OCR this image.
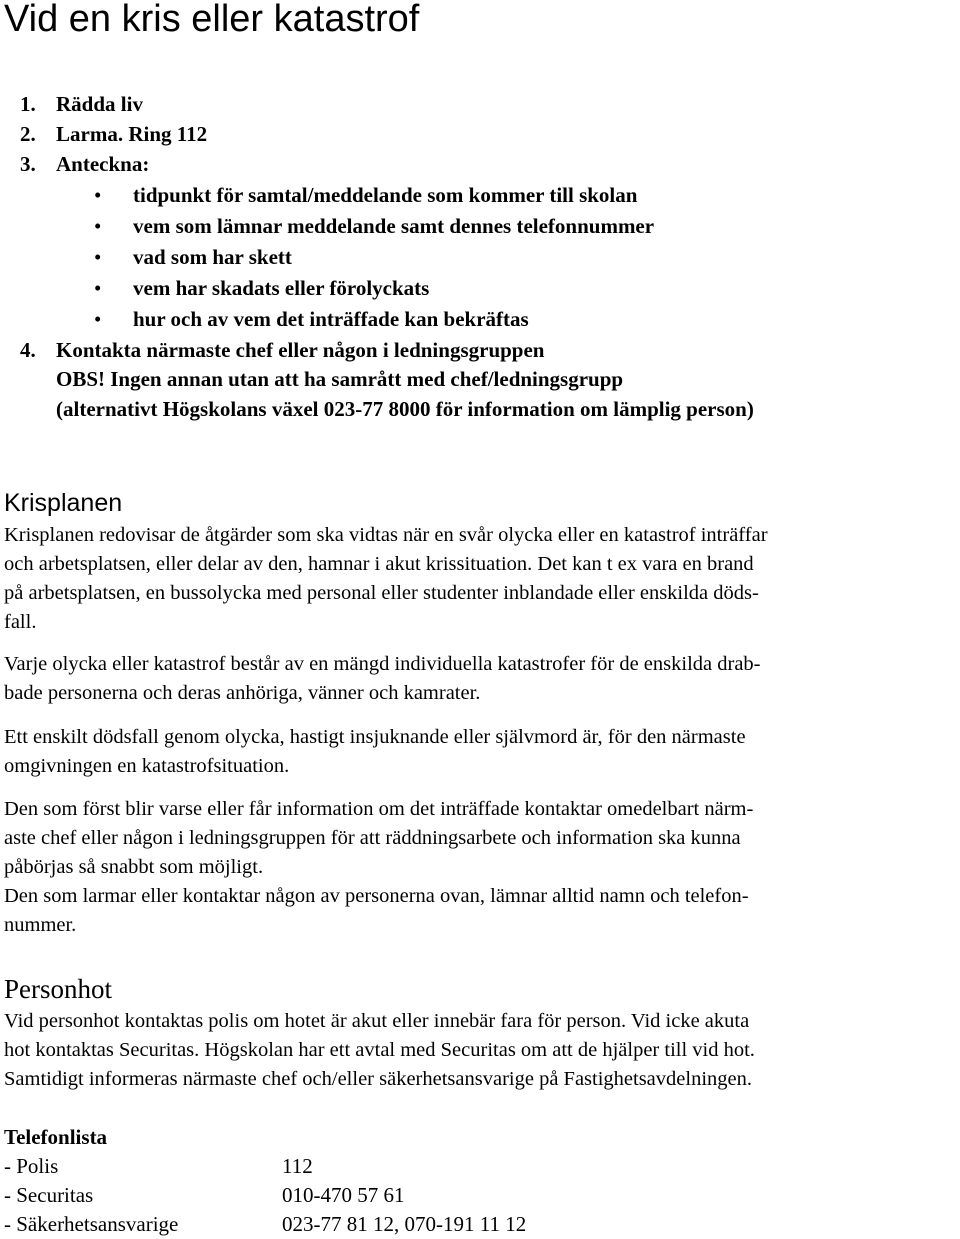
Vid en kris eller katastrof
1. Rädda liv
2. Larma. Ring 112
3. Anteckna:
• tidpunkt för samtal/meddelande som kommer till skolan
• vem som lämnar meddelande samt dennes telefonnummer
• vad som har skett
• vem har skadats eller förolyckats
• hur och av vem det inträffade kan bekräftas
4. Kontakta närmaste chef eller någon i ledningsgruppen
OBS! Ingen annan utan att ha samrått med chef/ledningsgrupp
(alternativt Högskolans växel 023-77 8000 för information om lämplig person)
Krisplanen

Krisplanen redovisar de åtgärder som ska vidtas när en svår olycka eller en katastrof inträffar
och arbetsplatsen, eller delar av den, hamnar i akut krissituation. Det kan t ex vara en brand
på arbetsplatsen, en bussolycka med personal eller studenter inblandade eller enskilda döds-
fall.

Varje olycka eller katastrof består av en mängd individuella katastrofer för de enskilda drab-
bade personerna och deras anhöriga, vänner och kamrater.

Ett enskilt dödsfall genom olycka, hastigt insjuknande eller självmord är, för den närmaste
omgivningen en katastrofsituation.

Den som först blir varse eller får information om det inträffade kontaktar omedelbart närm-
aste chef eller någon i ledningsgruppen för att räddningsarbete och information ska kunna
påbörjas så snabbt som möjligt.
Den som larmar eller kontaktar någon av personerna ovan, lämnar alltid namn och telefon-
nummer.

Personhot

Vid personhot kontaktas polis om hotet är akut eller innebär fara för person. Vid icke akuta
hot kontaktas Securitas. Högskolan har ett avtal med Securitas om att de hjälper till vid hot.
Samtidigt informeras närmaste chef och/eller säkerhetsansvarige på Fastighetsavdelningen.

Telefonlista
- Polis	112
- Securitas	010-470 57 61
- Säkerhetsansvarige	023-77 81 12, 070-191 11 12
